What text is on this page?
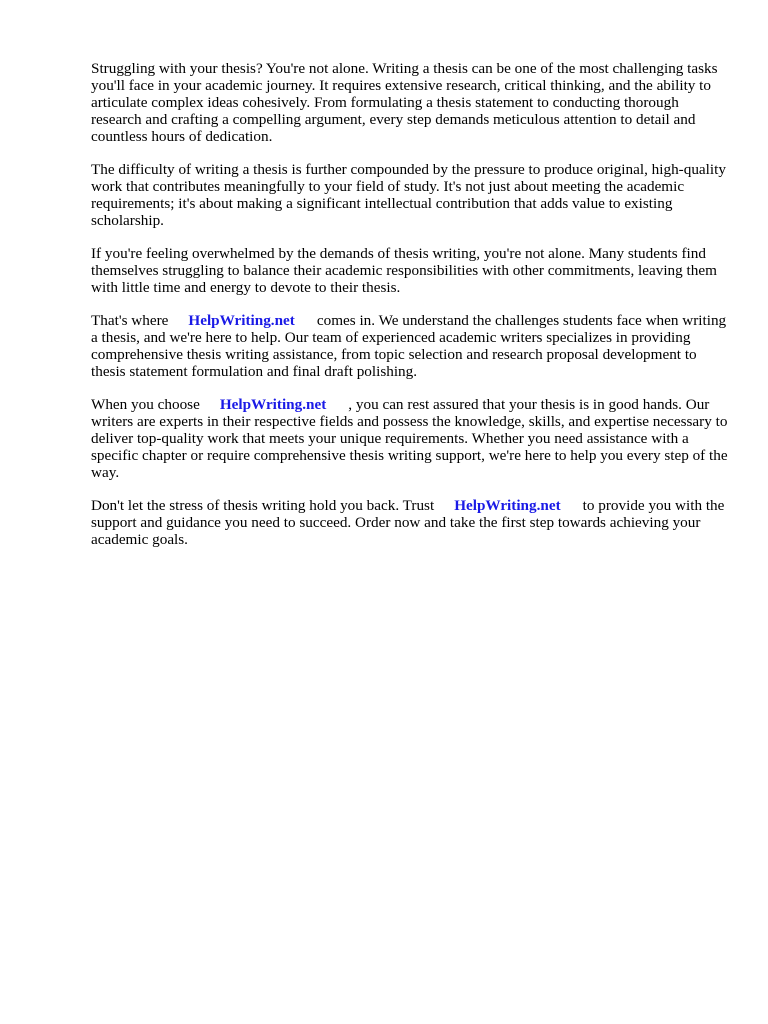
Struggling with your thesis? You're not alone. Writing a thesis can be one of the most challenging tasks you'll face in your academic journey. It requires extensive research, critical thinking, and the ability to articulate complex ideas cohesively. From formulating a thesis statement to conducting thorough research and crafting a compelling argument, every step demands meticulous attention to detail and countless hours of dedication.

The difficulty of writing a thesis is further compounded by the pressure to produce original, high-quality work that contributes meaningfully to your field of study. It's not just about meeting the academic requirements; it's about making a significant intellectual contribution that adds value to existing scholarship.

If you're feeling overwhelmed by the demands of thesis writing, you're not alone. Many students find themselves struggling to balance their academic responsibilities with other commitments, leaving them with little time and energy to devote to their thesis.

That's where HelpWriting.net comes in. We understand the challenges students face when writing a thesis, and we're here to help. Our team of experienced academic writers specializes in providing comprehensive thesis writing assistance, from topic selection and research proposal development to thesis statement formulation and final draft polishing.

When you choose HelpWriting.net , you can rest assured that your thesis is in good hands. Our writers are experts in their respective fields and possess the knowledge, skills, and expertise necessary to deliver top-quality work that meets your unique requirements. Whether you need assistance with a specific chapter or require comprehensive thesis writing support, we're here to help you every step of the way.

Don't let the stress of thesis writing hold you back. Trust HelpWriting.net to provide you with the support and guidance you need to succeed. Order now and take the first step towards achieving your academic goals.
